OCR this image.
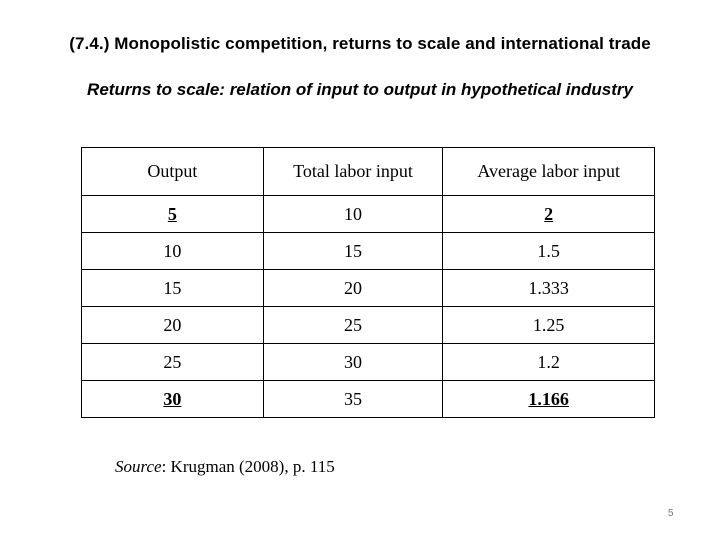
(7.4.) Monopolistic competition, returns to scale and international trade
Returns to scale: relation of input to output in hypothetical industry
Output	Total labor input	Average labor input
5	10	2
10	15	1.5
15	20	1.333
20	25	1.25
25	30	1.2
30	35	1.166
Source: Krugman (2008), p. 115
5
